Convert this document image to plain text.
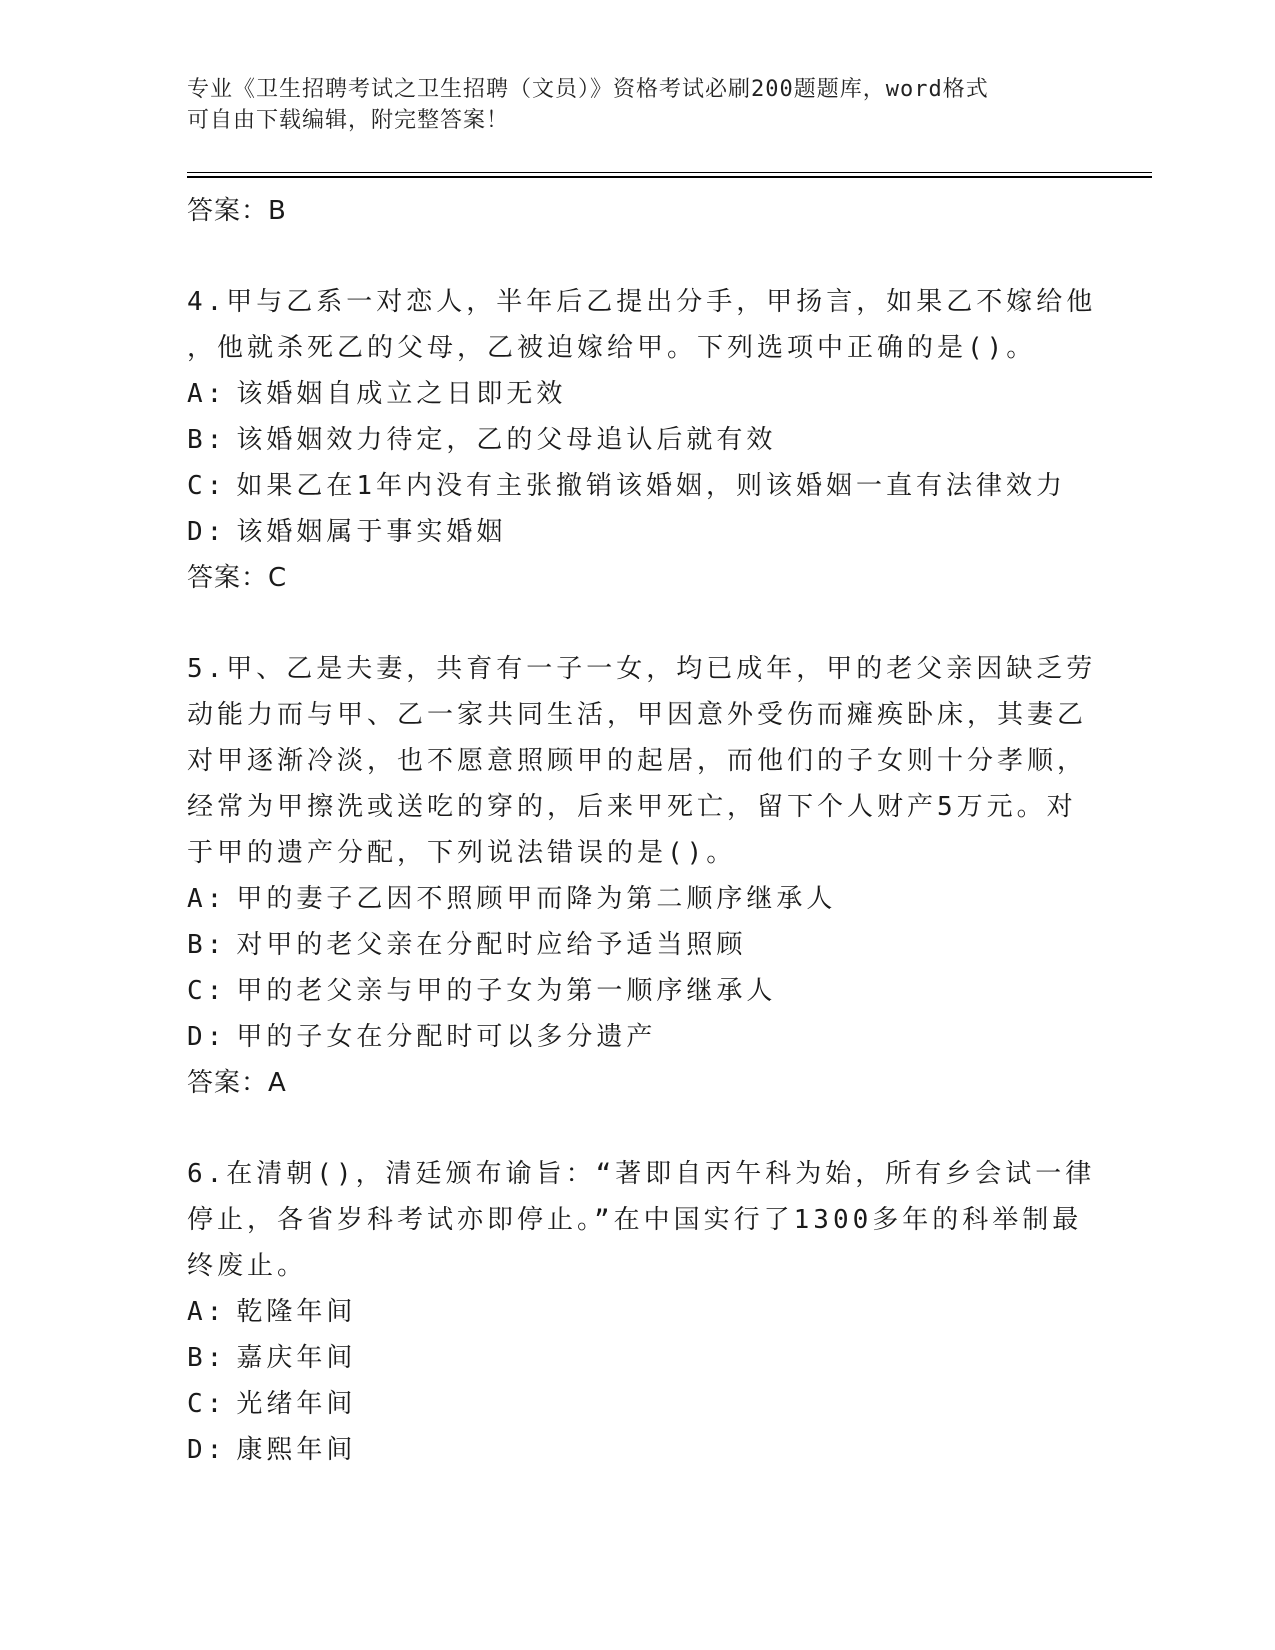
专业《卫生招聘考试之卫生招聘（文员）》资格考试必刷200题题库，word格式
可自由下载编辑，附完整答案！
答案：B
4.甲与乙系一对恋人，半年后乙提出分手，甲扬言，如果乙不嫁给他
，他就杀死乙的父母，乙被迫嫁给甲。下列选项中正确的是()。
A: 该婚姻自成立之日即无效
B: 该婚姻效力待定，乙的父母追认后就有效
C: 如果乙在1年内没有主张撤销该婚姻，则该婚姻一直有法律效力
D: 该婚姻属于事实婚姻
答案：C
5.甲、乙是夫妻，共育有一子一女，均已成年，甲的老父亲因缺乏劳
动能力而与甲、乙一家共同生活，甲因意外受伤而瘫痪卧床，其妻乙
对甲逐渐冷淡，也不愿意照顾甲的起居，而他们的子女则十分孝顺，
经常为甲擦洗或送吃的穿的，后来甲死亡，留下个人财产5万元。对
于甲的遗产分配，下列说法错误的是()。
A: 甲的妻子乙因不照顾甲而降为第二顺序继承人
B: 对甲的老父亲在分配时应给予适当照顾
C: 甲的老父亲与甲的子女为第一顺序继承人
D: 甲的子女在分配时可以多分遗产
答案：A
6.在清朝()，清廷颁布谕旨：“著即自丙午科为始，所有乡会试一律
停止，各省岁科考试亦即停止。”在中国实行了1300多年的科举制最
终废止。
A: 乾隆年间
B: 嘉庆年间
C: 光绪年间
D: 康熙年间
